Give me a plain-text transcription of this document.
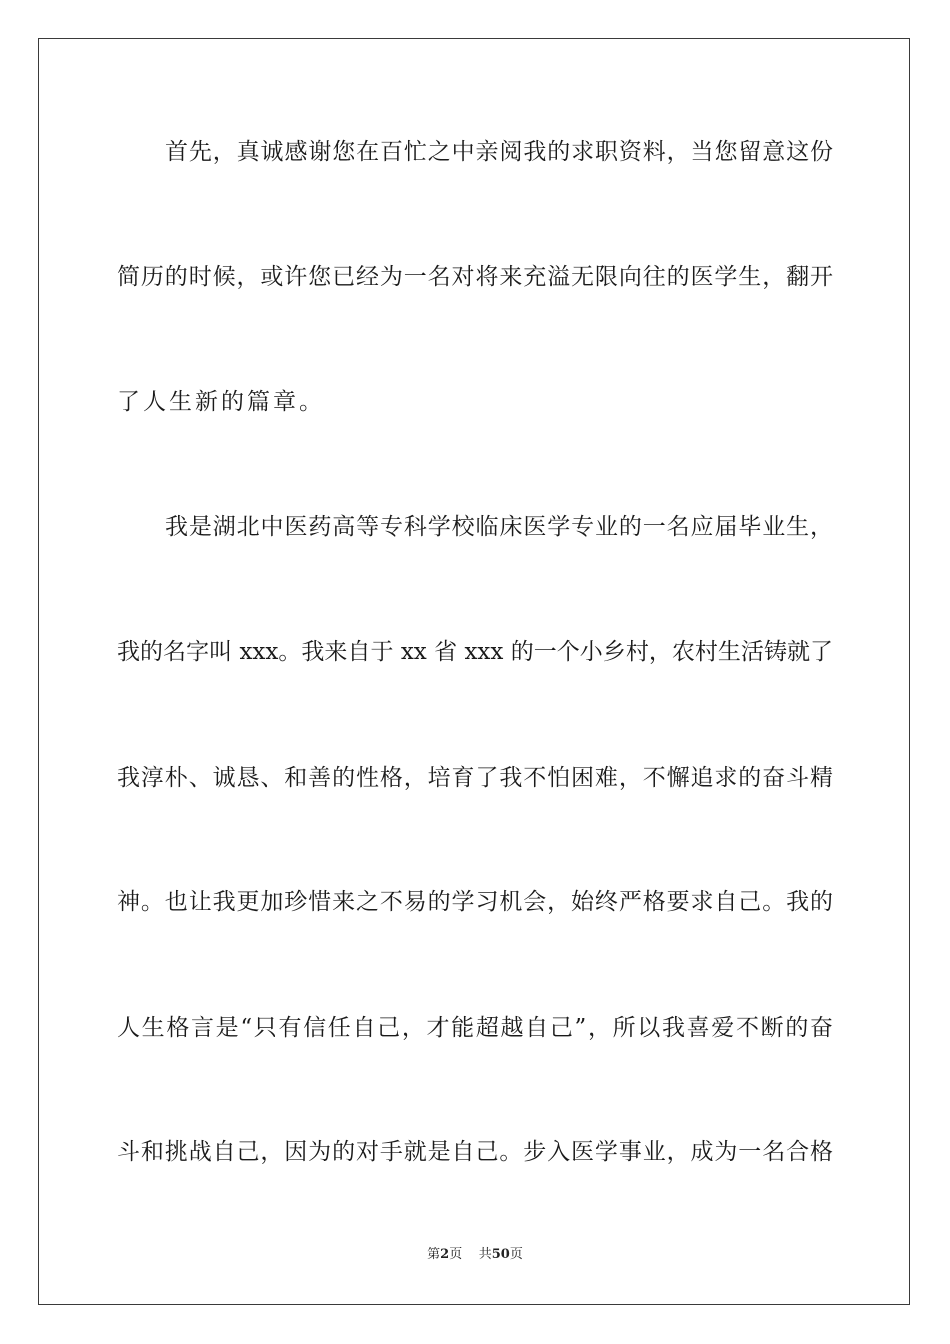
首先，真诚感谢您在百忙之中亲阅我的求职资料，当您留意这份
简历的时候，或许您已经为一名对将来充溢无限向往的医学生，翻开
了人生新的篇章。
我是湖北中医药高等专科学校临床医学专业的一名应届毕业生，
我的名字叫 xxx。我来自于 xx 省 xxx 的一个小乡村，农村生活铸就了
我淳朴、诚恳、和善的性格，培育了我不怕困难，不懈追求的奋斗精
神。也让我更加珍惜来之不易的学习机会，始终严格要求自己。我的
人生格言是“只有信任自己，才能超越自己”，所以我喜爱不断的奋
斗和挑战自己，因为的对手就是自己。步入医学事业，成为一名合格
第2页 共50页
